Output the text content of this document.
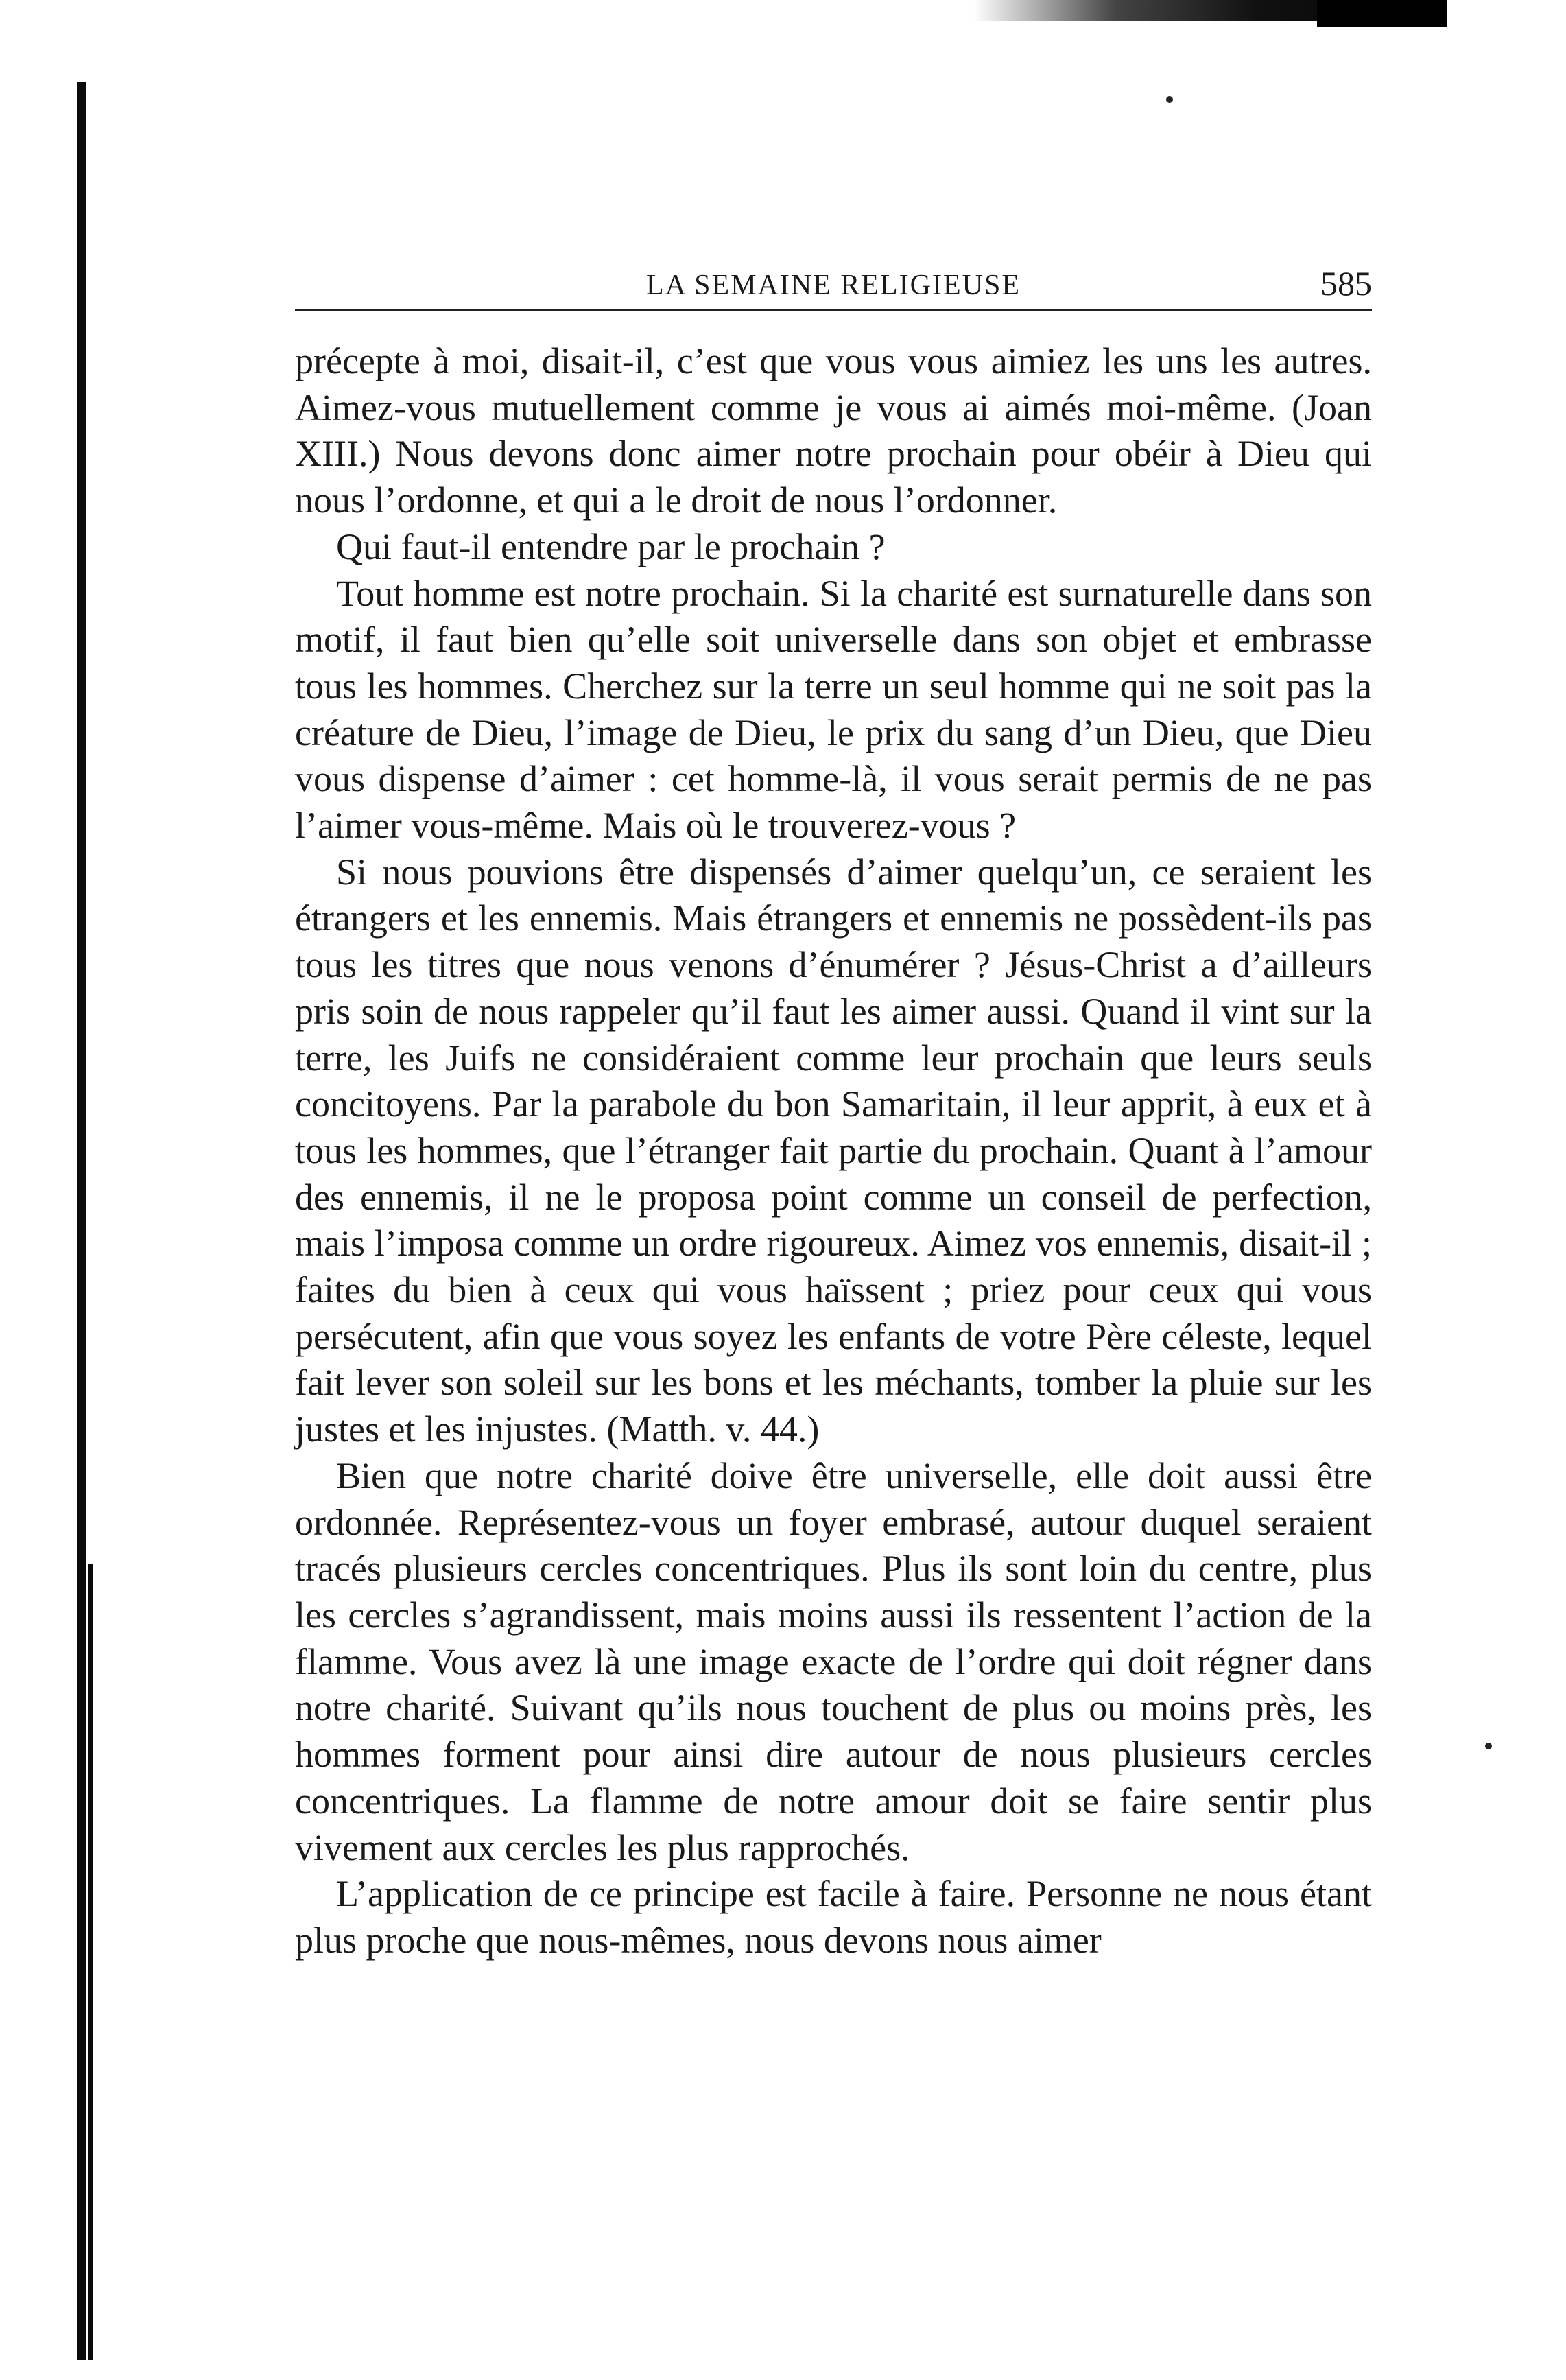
LA SEMAINE RELIGIEUSE	585

précepte à moi, disait-il, c’est que vous vous aimiez les uns les autres. Aimez-vous mutuellement comme je vous ai aimés moi-même. (Joan XIII.) Nous devons donc aimer notre prochain pour obéir à Dieu qui nous l’ordonne, et qui a le droit de nous l’ordonner.

Qui faut-il entendre par le prochain ?

Tout homme est notre prochain. Si la charité est surnaturelle dans son motif, il faut bien qu’elle soit universelle dans son objet et embrasse tous les hommes. Cherchez sur la terre un seul homme qui ne soit pas la créature de Dieu, l’image de Dieu, le prix du sang d’un Dieu, que Dieu vous dispense d’aimer : cet homme-là, il vous serait permis de ne pas l’aimer vous-même. Mais où le trouverez-vous ?

Si nous pouvions être dispensés d’aimer quelqu’un, ce seraient les étrangers et les ennemis. Mais étrangers et ennemis ne possèdent-ils pas tous les titres que nous venons d’énumérer ? Jésus-Christ a d’ailleurs pris soin de nous rappeler qu’il faut les aimer aussi. Quand il vint sur la terre, les Juifs ne considéraient comme leur prochain que leurs seuls concitoyens. Par la parabole du bon Samaritain, il leur apprit, à eux et à tous les hommes, que l’étranger fait partie du prochain. Quant à l’amour des ennemis, il ne le proposa point comme un conseil de perfection, mais l’imposa comme un ordre rigoureux. Aimez vos ennemis, disait-il ; faites du bien à ceux qui vous haïssent ; priez pour ceux qui vous persécutent, afin que vous soyez les enfants de votre Père céleste, lequel fait lever son soleil sur les bons et les méchants, tomber la pluie sur les justes et les injustes. (Matth. v. 44.)

Bien que notre charité doive être universelle, elle doit aussi être ordonnée. Représentez-vous un foyer embrasé, autour duquel seraient tracés plusieurs cercles concentriques. Plus ils sont loin du centre, plus les cercles s’agrandissent, mais moins aussi ils ressentent l’action de la flamme. Vous avez là une image exacte de l’ordre qui doit régner dans notre charité. Suivant qu’ils nous touchent de plus ou moins près, les hommes forment pour ainsi dire autour de nous plusieurs cercles concentriques. La flamme de notre amour doit se faire sentir plus vivement aux cercles les plus rapprochés.

L’application de ce principe est facile à faire. Personne ne nous étant plus proche que nous-mêmes, nous devons nous aimer
